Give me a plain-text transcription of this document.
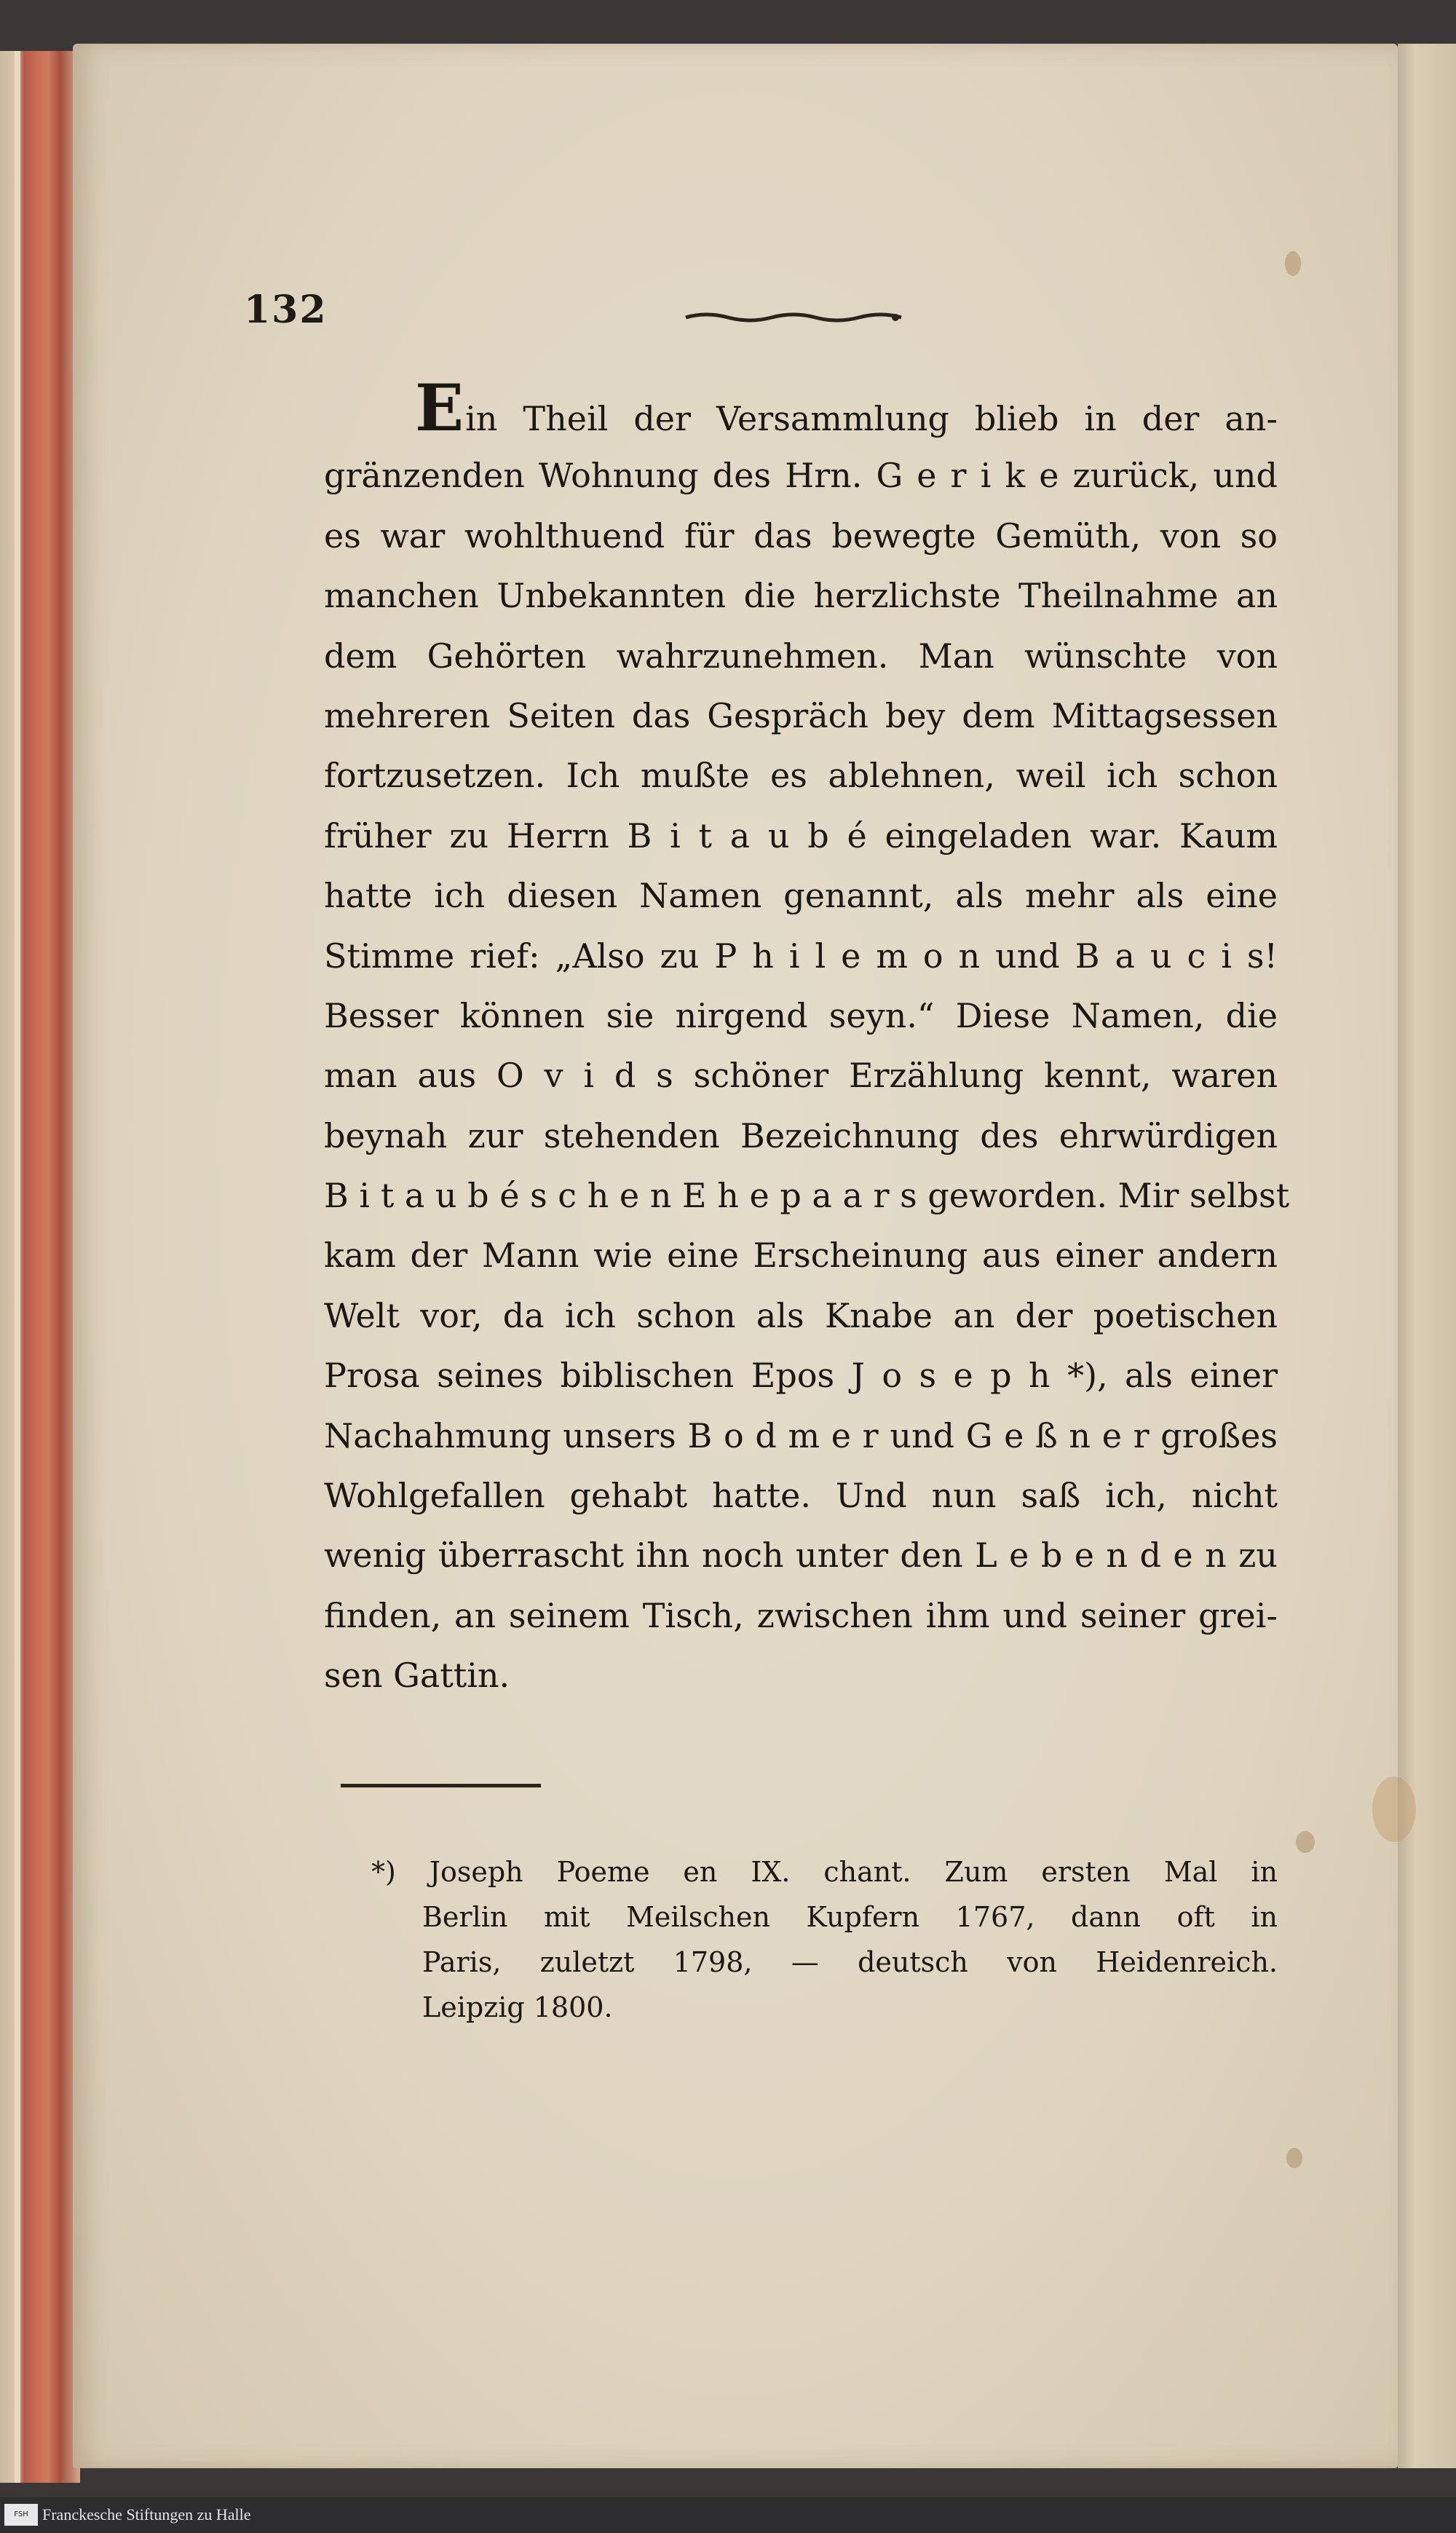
132
Ein Theil der Versammlung blieb in der an-
gränzenden Wohnung des Hrn. G e r i k e zurück, und
es war wohlthuend für das bewegte Gemüth, von so
manchen Unbekannten die herzlichste Theilnahme an
dem Gehörten wahrzunehmen. Man wünschte von
mehreren Seiten das Gespräch bey dem Mittagsessen
fortzusetzen. Ich mußte es ablehnen, weil ich schon
früher zu Herrn B i t a u b é eingeladen war. Kaum
hatte ich diesen Namen genannt, als mehr als eine
Stimme rief: „Also zu P h i l e m o n und B a u c i s!
Besser können sie nirgend seyn.“ Diese Namen, die
man aus O v i d s schöner Erzählung kennt, waren
beynah zur stehenden Bezeichnung des ehrwürdigen
B i t a u b é s c h e n E h e p a a r s geworden. Mir selbst
kam der Mann wie eine Erscheinung aus einer andern
Welt vor, da ich schon als Knabe an der poetischen
Prosa seines biblischen Epos J o s e p h *), als einer
Nachahmung unsers B o d m e r und G e ß n e r großes
Wohlgefallen gehabt hatte. Und nun saß ich, nicht
wenig überrascht ihn noch unter den L e b e n d e n zu
finden, an seinem Tisch, zwischen ihm und seiner grei-
sen Gattin.
*) Joseph Poeme en IX. chant. Zum ersten Mal in
Berlin mit Meilschen Kupfern 1767, dann oft in
Paris, zuletzt 1798, — deutsch von Heidenreich.
Leipzig 1800.
FSH Franckesche Stiftungen zu Halle
